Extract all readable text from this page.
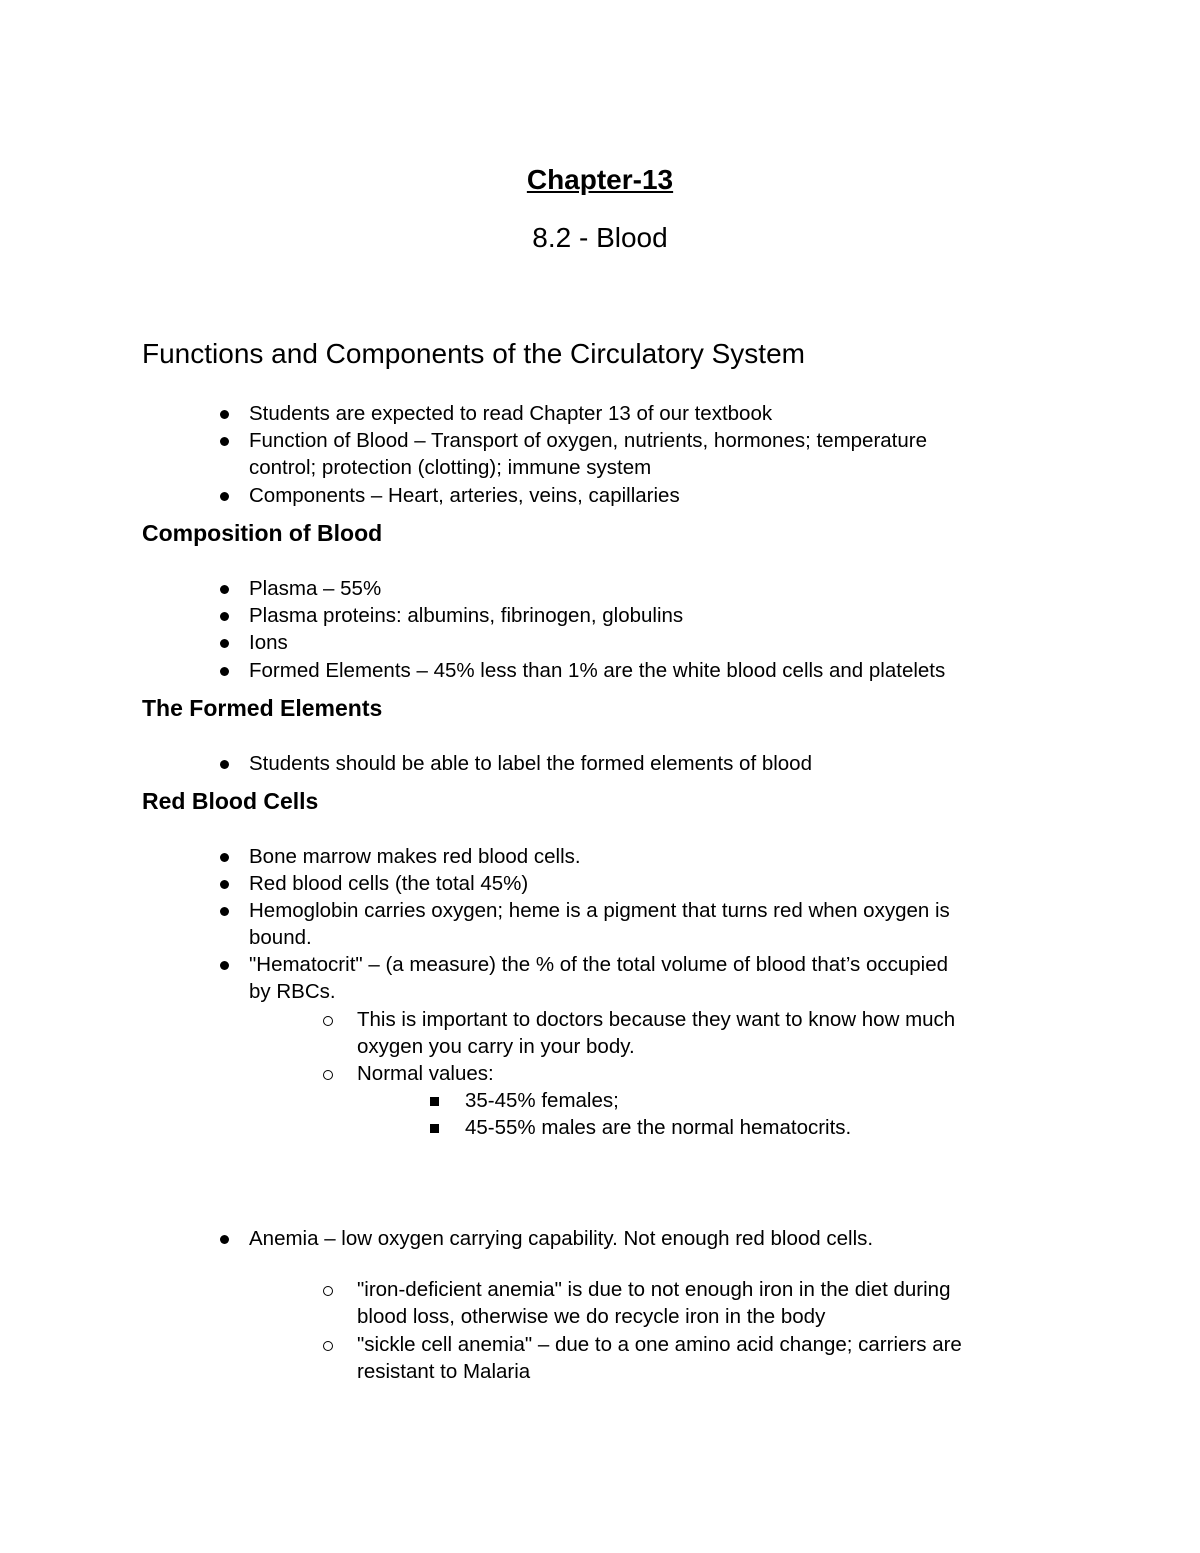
Chapter-13
8.2 - Blood
Functions and Components of the Circulatory System
Students are expected to read Chapter 13 of our textbook
Function of Blood – Transport of oxygen, nutrients, hormones; temperature
control; protection (clotting); immune system
Components – Heart, arteries, veins, capillaries
Composition of Blood
Plasma – 55%
Plasma proteins: albumins, fibrinogen, globulins
Ions
Formed Elements – 45% less than 1% are the white blood cells and platelets
The Formed Elements
Students should be able to label the formed elements of blood
Red Blood Cells
Bone marrow makes red blood cells.
Red blood cells (the total 45%)
Hemoglobin carries oxygen; heme is a pigment that turns red when oxygen is
bound.
"Hematocrit" – (a measure) the % of the total volume of blood that’s occupied
by RBCs.
This is important to doctors because they want to know how much
oxygen you carry in your body.
Normal values:
35-45% females;
45-55% males are the normal hematocrits.
Anemia – low oxygen carrying capability. Not enough red blood cells.
"iron-deficient anemia" is due to not enough iron in the diet during
blood loss, otherwise we do recycle iron in the body
"sickle cell anemia" – due to a one amino acid change; carriers are
resistant to Malaria
